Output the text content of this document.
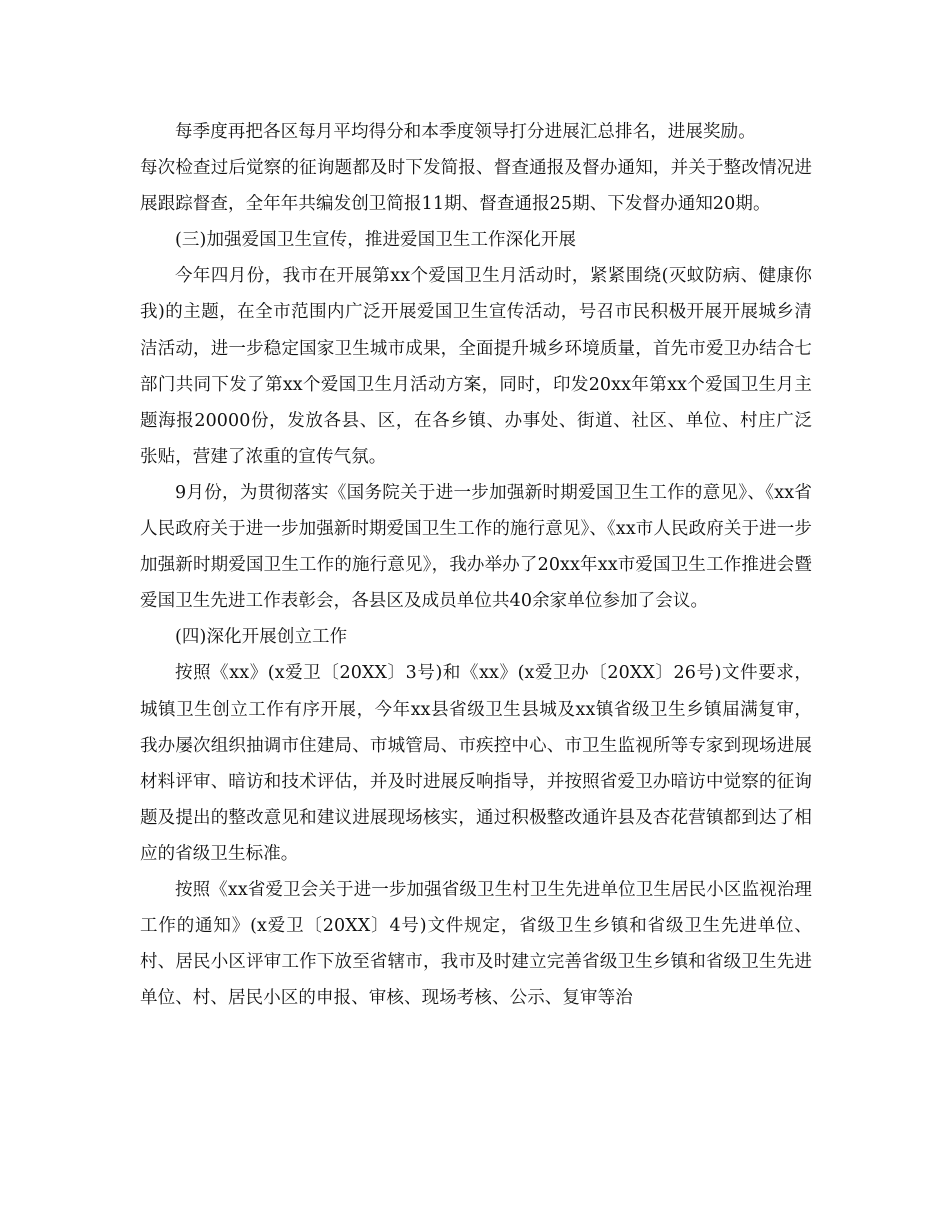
每季度再把各区每月平均得分和本季度领导打分进展汇总排名，进展奖励。

每次检查过后觉察的征询题都及时下发简报、督查通报及督办通知，并关于整改情况进展跟踪督查，全年年共编发创卫简报11期、督查通报25期、下发督办通知20期。

(三)加强爱国卫生宣传，推进爱国卫生工作深化开展

今年四月份，我市在开展第xx个爱国卫生月活动时，紧紧围绕(灭蚊防病、健康你我)的主题，在全市范围内广泛开展爱国卫生宣传活动，号召市民积极开展开展城乡清洁活动，进一步稳定国家卫生城市成果，全面提升城乡环境质量，首先市爱卫办结合七部门共同下发了第xx个爱国卫生月活动方案，同时，印发20xx年第xx个爱国卫生月主题海报20000份，发放各县、区，在各乡镇、办事处、街道、社区、单位、村庄广泛张贴，营建了浓重的宣传气氛。

9月份，为贯彻落实《国务院关于进一步加强新时期爱国卫生工作的意见》、《xx省人民政府关于进一步加强新时期爱国卫生工作的施行意见》、《xx市人民政府关于进一步加强新时期爱国卫生工作的施行意见》，我办举办了20xx年xx市爱国卫生工作推进会暨爱国卫生先进工作表彰会，各县区及成员单位共40余家单位参加了会议。

(四)深化开展创立工作

按照《xx》(x爱卫〔20XX〕3号)和《xx》(x爱卫办〔20XX〕26号)文件要求，城镇卫生创立工作有序开展，今年xx县省级卫生县城及xx镇省级卫生乡镇届满复审，我办屡次组织抽调市住建局、市城管局、市疾控中心、市卫生监视所等专家到现场进展材料评审、暗访和技术评估，并及时进展反响指导，并按照省爱卫办暗访中觉察的征询题及提出的整改意见和建议进展现场核实，通过积极整改通许县及杏花营镇都到达了相应的省级卫生标准。

按照《xx省爱卫会关于进一步加强省级卫生村卫生先进单位卫生居民小区监视治理工作的通知》(x爱卫〔20XX〕4号)文件规定，省级卫生乡镇和省级卫生先进单位、村、居民小区评审工作下放至省辖市，我市及时建立完善省级卫生乡镇和省级卫生先进单位、村、居民小区的申报、审核、现场考核、公示、复审等治
